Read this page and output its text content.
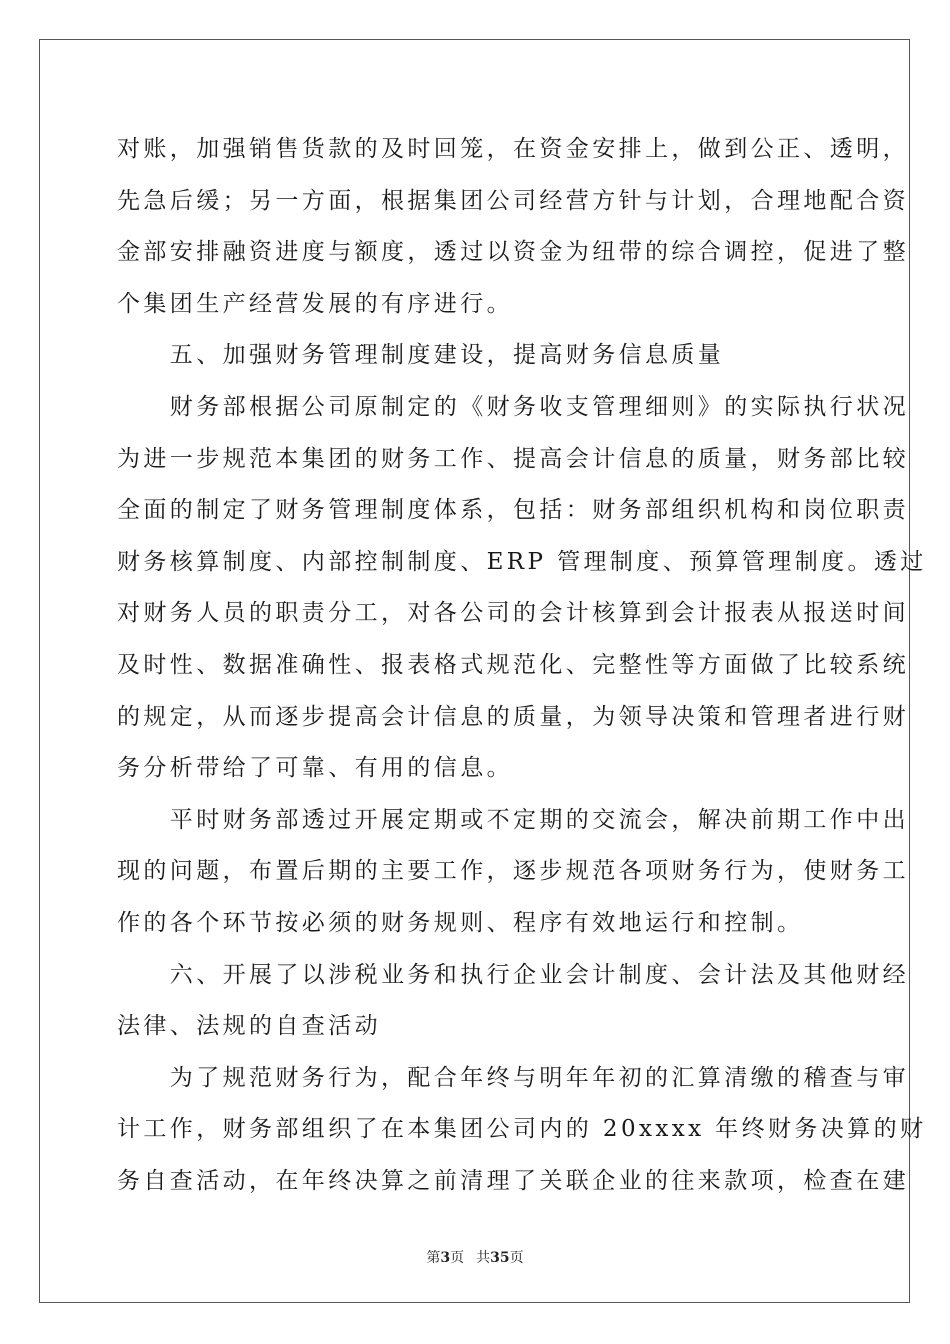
对账，加强销售货款的及时回笼，在资金安排上，做到公正、透明，
先急后缓；另一方面，根据集团公司经营方针与计划，合理地配合资
金部安排融资进度与额度，透过以资金为纽带的综合调控，促进了整
个集团生产经营发展的有序进行。
　　五、加强财务管理制度建设，提高财务信息质量
　　财务部根据公司原制定的《财务收支管理细则》的实际执行状况
为进一步规范本集团的财务工作、提高会计信息的质量，财务部比较
全面的制定了财务管理制度体系，包括：财务部组织机构和岗位职责
财务核算制度、内部控制制度、ERP 管理制度、预算管理制度。透过
对财务人员的职责分工，对各公司的会计核算到会计报表从报送时间
及时性、数据准确性、报表格式规范化、完整性等方面做了比较系统
的规定，从而逐步提高会计信息的质量，为领导决策和管理者进行财
务分析带给了可靠、有用的信息。
　　平时财务部透过开展定期或不定期的交流会，解决前期工作中出
现的问题，布置后期的主要工作，逐步规范各项财务行为，使财务工
作的各个环节按必须的财务规则、程序有效地运行和控制。
　　六、开展了以涉税业务和执行企业会计制度、会计法及其他财经
法律、法规的自查活动
　　为了规范财务行为，配合年终与明年年初的汇算清缴的稽查与审
计工作，财务部组织了在本集团公司内的 20xxxx 年终财务决算的财
务自查活动，在年终决算之前清理了关联企业的往来款项，检查在建
第3页 共35页
